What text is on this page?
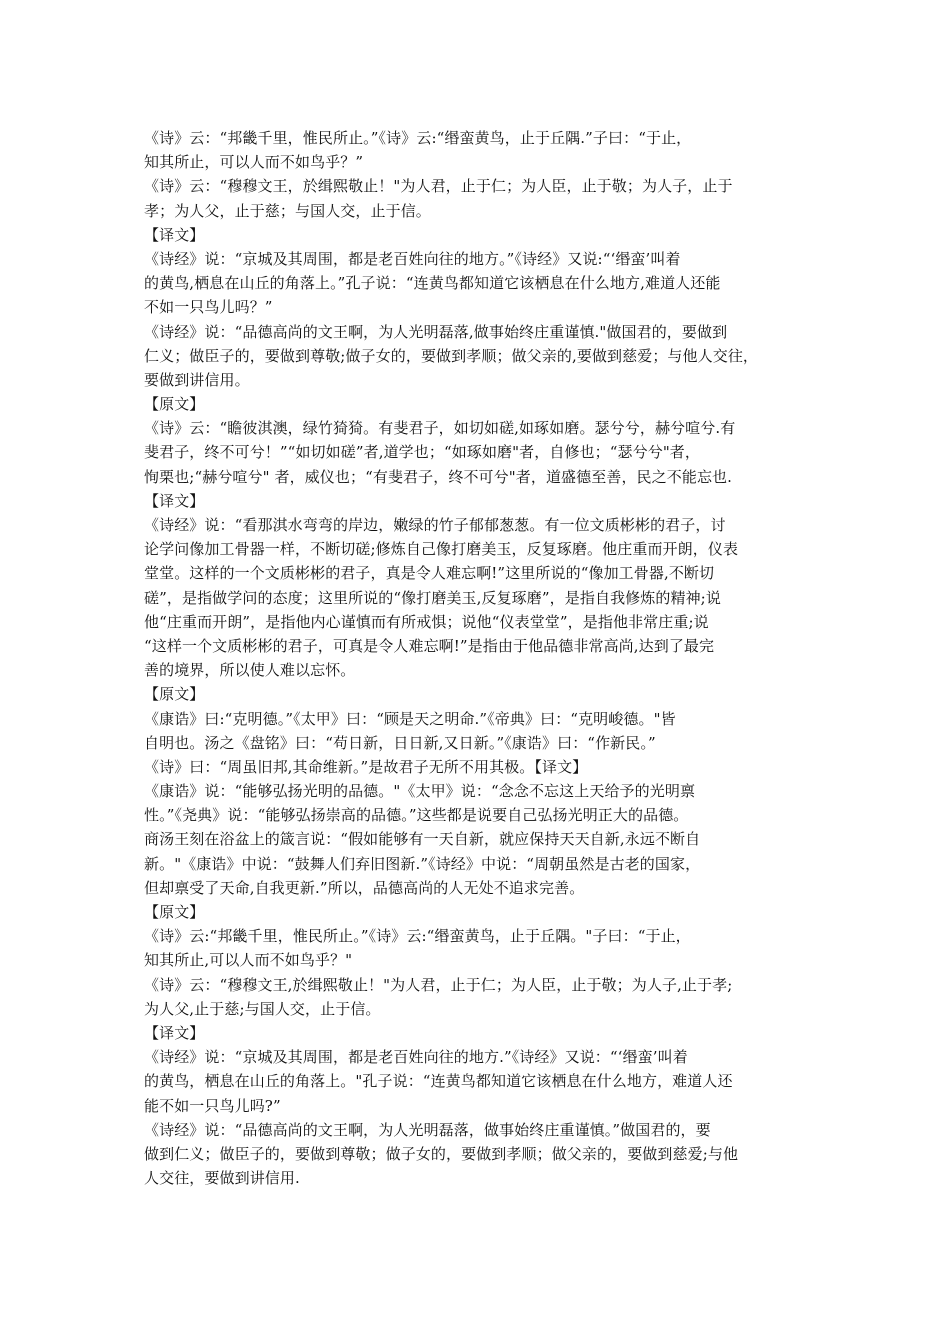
《诗》云：“邦畿千里，惟民所止。”《诗》云:“缗蛮黄鸟，止于丘隅.”子曰：“于止，
知其所止，可以人而不如鸟乎？”
《诗》云：“穆穆文王，於缉熙敬止！"为人君，止于仁；为人臣，止于敬；为人子，止于
孝；为人父，止于慈；与国人交，止于信。
【译文】
《诗经》说：“京城及其周围，都是老百姓向往的地方。”《诗经》又说:“‘缗蛮’叫着
的黄鸟,栖息在山丘的角落上。”孔子说：“连黄鸟都知道它该栖息在什么地方,难道人还能
不如一只鸟儿吗？”
《诗经》说：“品德高尚的文王啊，为人光明磊落,做事始终庄重谨慎."做国君的，要做到
仁义；做臣子的，要做到尊敬;做子女的，要做到孝顺；做父亲的,要做到慈爱；与他人交往，
要做到讲信用。
【原文】
《诗》云：“瞻彼淇澳，绿竹猗猗。有斐君子，如切如磋,如琢如磨。瑟兮兮，赫兮喧兮.有
斐君子，终不可兮！”“如切如磋”者,道学也；“如琢如磨"者，自修也；“瑟兮兮"者，
恂栗也;“赫兮喧兮" 者，威仪也；“有斐君子，终不可兮"者，道盛德至善，民之不能忘也.
【译文】
《诗经》说：“看那淇水弯弯的岸边，嫩绿的竹子郁郁葱葱。有一位文质彬彬的君子，讨
论学问像加工骨器一样，不断切磋;修炼自己像打磨美玉，反复琢磨。他庄重而开朗，仪表
堂堂。这样的一个文质彬彬的君子，真是令人难忘啊!”这里所说的“像加工骨器,不断切
磋”，是指做学问的态度；这里所说的“像打磨美玉,反复琢磨”，是指自我修炼的精神;说
他“庄重而开朗”，是指他内心谨慎而有所戒惧；说他“仪表堂堂”，是指他非常庄重;说
“这样一个文质彬彬的君子，可真是令人难忘啊!”是指由于他品德非常高尚,达到了最完
善的境界，所以使人难以忘怀。
【原文】
《康诰》曰:“克明德。”《太甲》曰：“顾是天之明命.”《帝典》曰：“克明峻德。"皆
自明也。汤之《盘铭》曰：“苟日新，日日新,又日新。”《康诰》曰：“作新民。”
《诗》曰：“周虽旧邦,其命维新。”是故君子无所不用其极。【译文】
《康诰》说：“能够弘扬光明的品德。"《太甲》说：“念念不忘这上天给予的光明禀
性。”《尧典》说：“能够弘扬崇高的品德。”这些都是说要自己弘扬光明正大的品德。
商汤王刻在浴盆上的箴言说：“假如能够有一天自新，就应保持天天自新,永远不断自
新。"《康诰》中说：“鼓舞人们弃旧图新.”《诗经》中说：“周朝虽然是古老的国家，
但却禀受了天命,自我更新.”所以，品德高尚的人无处不追求完善。
【原文】
《诗》云:“邦畿千里，惟民所止。”《诗》云:“缗蛮黄鸟，止于丘隅。"子曰：“于止，
知其所止,可以人而不如鸟乎？"
《诗》云：“穆穆文王,於缉熙敬止！"为人君，止于仁；为人臣，止于敬；为人子,止于孝;
为人父,止于慈;与国人交，止于信。
【译文】
《诗经》说：“京城及其周围，都是老百姓向往的地方.”《诗经》又说：“‘缗蛮’叫着
的黄鸟，栖息在山丘的角落上。"孔子说：“连黄鸟都知道它该栖息在什么地方，难道人还
能不如一只鸟儿吗?”
《诗经》说：“品德高尚的文王啊，为人光明磊落，做事始终庄重谨慎。”做国君的，要
做到仁义；做臣子的，要做到尊敬；做子女的，要做到孝顺；做父亲的，要做到慈爱;与他
人交往，要做到讲信用.
